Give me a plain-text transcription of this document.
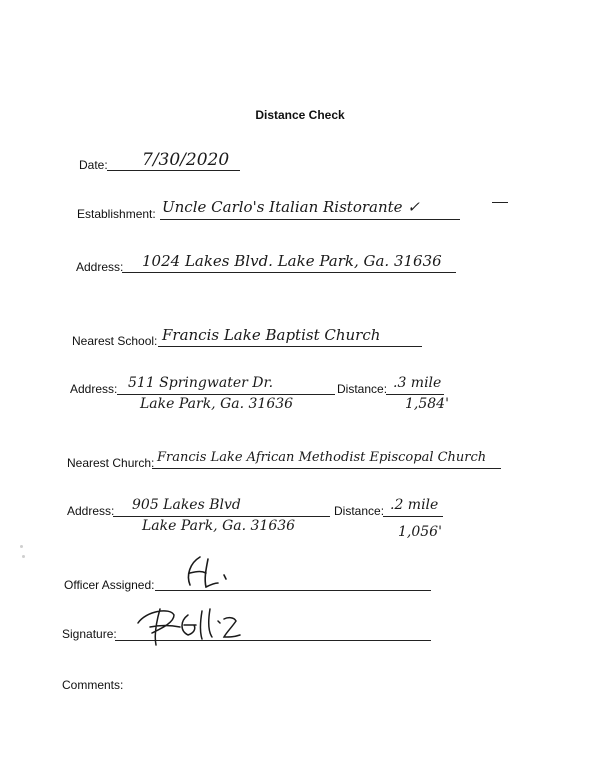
Distance Check
Date: 7/30/2020
Establishment: Uncle Carlo's Italian Ristorante ✓
Address: 1024 Lakes Blvd. Lake Park, Ga. 31636
Nearest School: Francis Lake Baptist Church
Address: 511 Springwater Dr.
Lake Park, Ga. 31636
Distance: .3 mile
1,584'
Nearest Church: Francis Lake African Methodist Episcopal Church
Address: 905 Lakes Blvd
Lake Park, Ga. 31636
Distance: .2 mile
1,056'
Officer Assigned:
Signature:
Comments:
